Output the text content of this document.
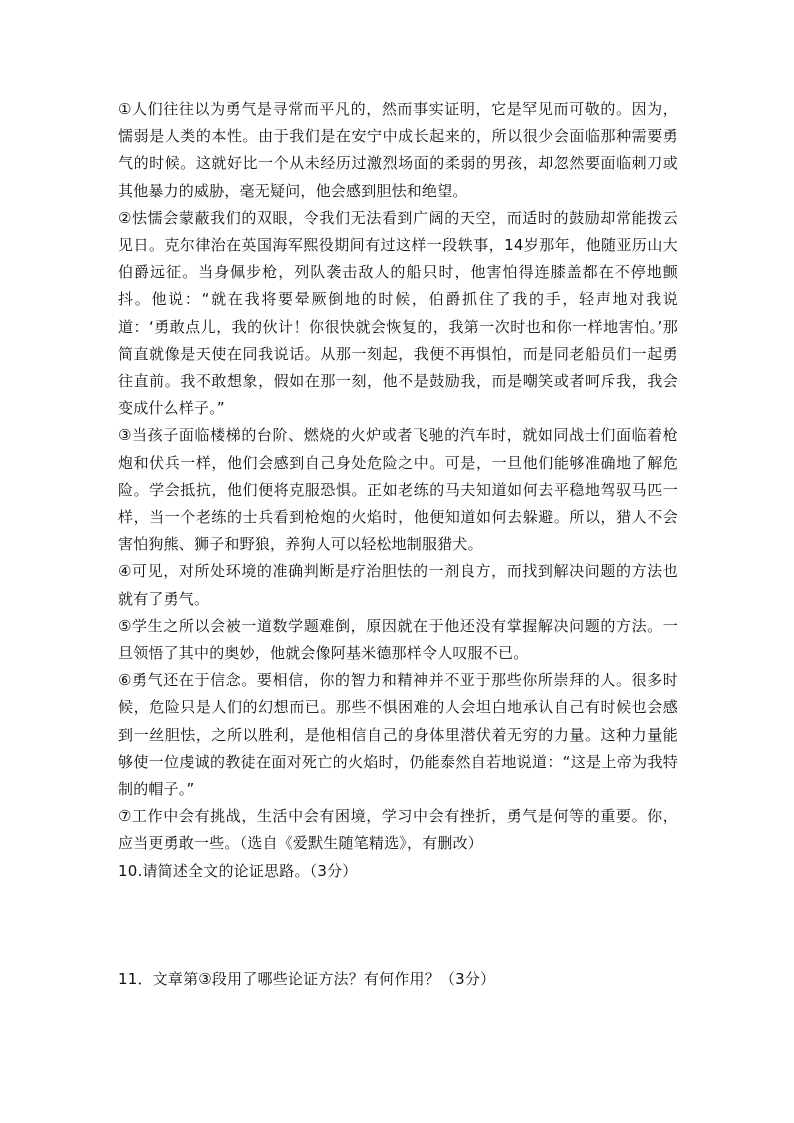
①人们往往以为勇气是寻常而平凡的，然而事实证明，它是罕见而可敬的。因为，懦弱是人类的本性。由于我们是在安宁中成长起来的，所以很少会面临那种需要勇气的时候。这就好比一个从未经历过激烈场面的柔弱的男孩，却忽然要面临刺刀或其他暴力的威胁，毫无疑问，他会感到胆怯和绝望。

②怯懦会蒙蔽我们的双眼，令我们无法看到广阔的天空，而适时的鼓励却常能拨云见日。克尔律治在英国海军熙役期间有过这样一段轶事，14岁那年，他随亚历山大伯爵远征。当身佩步枪，列队袭击敌人的船只时，他害怕得连膝盖都在不停地颤抖。他说：“就在我将要晕厥倒地的时候，伯爵抓住了我的手，轻声地对我说道：‘勇敢点儿，我的伙计！你很快就会恢复的，我第一次时也和你一样地害怕。’那简直就像是天使在同我说话。从那一刻起，我便不再惧怕，而是同老船员们一起勇往直前。我不敢想象，假如在那一刻，他不是鼓励我，而是嘲笑或者呵斥我，我会变成什么样子。”

③当孩子面临楼梯的台阶、燃烧的火炉或者飞驰的汽车时，就如同战士们面临着枪炮和伏兵一样，他们会感到自己身处危险之中。可是，一旦他们能够准确地了解危险。学会抵抗，他们便将克服恐惧。正如老练的马夫知道如何去平稳地驾驭马匹一样，当一个老练的士兵看到枪炮的火焰时，他便知道如何去躲避。所以，猎人不会害怕狗熊、狮子和野狼，养狗人可以轻松地制服猎犬。

④可见，对所处环境的准确判断是疗治胆怯的一剂良方，而找到解决问题的方法也就有了勇气。

⑤学生之所以会被一道数学题难倒，原因就在于他还没有掌握解决问题的方法。一旦领悟了其中的奥妙，他就会像阿基米德那样令人叹服不已。

⑥勇气还在于信念。要相信，你的智力和精神并不亚于那些你所崇拜的人。很多时候，危险只是人们的幻想而已。那些不惧困难的人会坦白地承认自己有时候也会感到一丝胆怯，之所以胜利，是他相信自己的身体里潜伏着无穷的力量。这种力量能够使一位虔诚的教徒在面对死亡的火焰时，仍能泰然自若地说道：“这是上帝为我特制的帽子。”

⑦工作中会有挑战，生活中会有困境，学习中会有挫折，勇气是何等的重要。你，应当更勇敢一些。（选自《爱默生随笔精选》，有删改）

10.请简述全文的论证思路。（3分）

11．文章第③段用了哪些论证方法？有何作用？（3分）
